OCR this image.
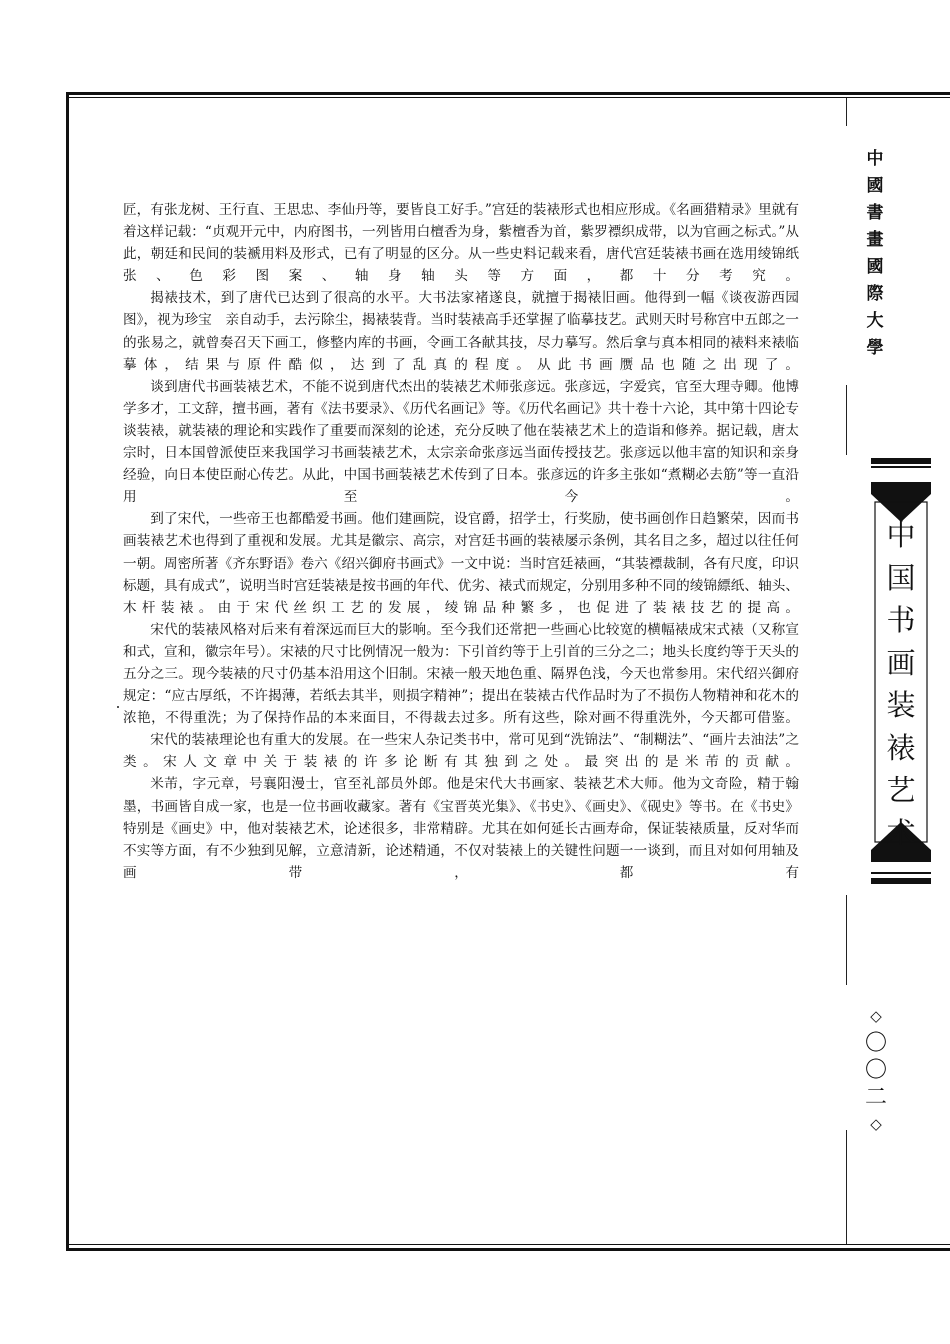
中
國
書
畫
國
際
大
學
中
国
书
画
装
裱
艺
术
◇
〇
〇
二
◇

匠，有张龙树、王行直、王思忠、李仙丹等，要皆良工好手。”宫廷的装裱形式也相应形成。《名画猎精录》里就有着这样记载：“贞观开元中，内府图书，一列皆用白檀香为身，紫檀香为首，紫罗褾织成带，以为官画之标式。”从此，朝廷和民间的装褫用料及形式，已有了明显的区分。从一些史料记载来看，唐代宫廷装裱书画在选用绫锦纸张、色彩图案、轴身轴头等方面，都十分考究。

揭裱技术，到了唐代已达到了很高的水平。大书法家褚遂良，就擅于揭裱旧画。他得到一幅《谈夜游西园图》，视为珍宝　亲自动手，去污除尘，揭裱装背。当时装裱高手还掌握了临摹技艺。武则天时号称宫中五郎之一的张易之，就曾奏召天下画工，修整内库的书画，令画工各献其技，尽力摹写。然后拿与真本相同的裱料来裱临摹体，结果与原件酷似，达到了乱真的程度。从此书画赝品也随之出现了。

谈到唐代书画装裱艺术，不能不说到唐代杰出的装裱艺术师张彦远。张彦远，字爱宾，官至大理寺卿。他博学多才，工文辞，擅书画，著有《法书要录》、《历代名画记》等。《历代名画记》共十卷十六论，其中第十四论专谈装裱，就装裱的理论和实践作了重要而深刻的论述，充分反映了他在装裱艺术上的造诣和修养。据记载，唐太宗时，日本国曾派使臣来我国学习书画装裱艺术，太宗亲命张彦远当面传授技艺。张彦远以他丰富的知识和亲身经验，向日本使臣耐心传艺。从此，中国书画装裱艺术传到了日本。张彦远的许多主张如“煮糊必去筋”等一直沿用至今。

到了宋代，一些帝王也都酷爱书画。他们建画院，设官爵，招学士，行奖励，使书画创作日趋繁荣，因而书画装裱艺术也得到了重视和发展。尤其是徽宗、高宗，对宫廷书画的装裱屡示条例，其名目之多，超过以往任何一朝。周密所著《齐东野语》卷六《绍兴御府书画式》一文中说：当时宫廷裱画，“其装褾裁制，各有尺度，印识标题，具有成式”，说明当时宫廷装裱是按书画的年代、优劣、裱式而规定，分别用多种不同的绫锦縹纸、轴头、木杆装裱。由于宋代丝织工艺的发展，绫锦品种繁多，也促进了装裱技艺的提高。

宋代的装裱风格对后来有着深远而巨大的影响。至今我们还常把一些画心比较宽的横幅裱成宋式裱（又称宣和式，宣和，徽宗年号）。宋裱的尺寸比例情况一般为：下引首约等于上引首的三分之二；地头长度约等于天头的五分之三。现今装裱的尺寸仍基本沿用这个旧制。宋裱一般天地色重、隔界色浅，今天也常参用。宋代绍兴御府规定：“应古厚纸，不许揭薄，若纸去其半，则损字精神”；提出在装裱古代作品时为了不损伤人物精神和花木的浓艳，不得重洗；为了保持作品的本来面目，不得裁去过多。所有这些，除对画不得重洗外，今天都可借鉴。

宋代的装裱理论也有重大的发展。在一些宋人杂记类书中，常可见到“洗锦法”、“制糊法”、“画片去油法”之类。宋人文章中关于装裱的许多论断有其独到之处。最突出的是米芾的贡献。

米芾，字元章，号襄阳漫士，官至礼部员外郎。他是宋代大书画家、装裱艺术大师。他为文奇险，精于翰墨，书画皆自成一家，也是一位书画收藏家。著有《宝晋英光集》、《书史》、《画史》、《砚史》等书。在《书史》特别是《画史》中，他对装裱艺术，论述很多，非常精辟。尤其在如何延长古画寿命，保证装裱质量，反对华而不实等方面，有不少独到见解，立意清新，论述精通，不仅对装裱上的关键性问题一一谈到，而且对如何用轴及画带，都有
